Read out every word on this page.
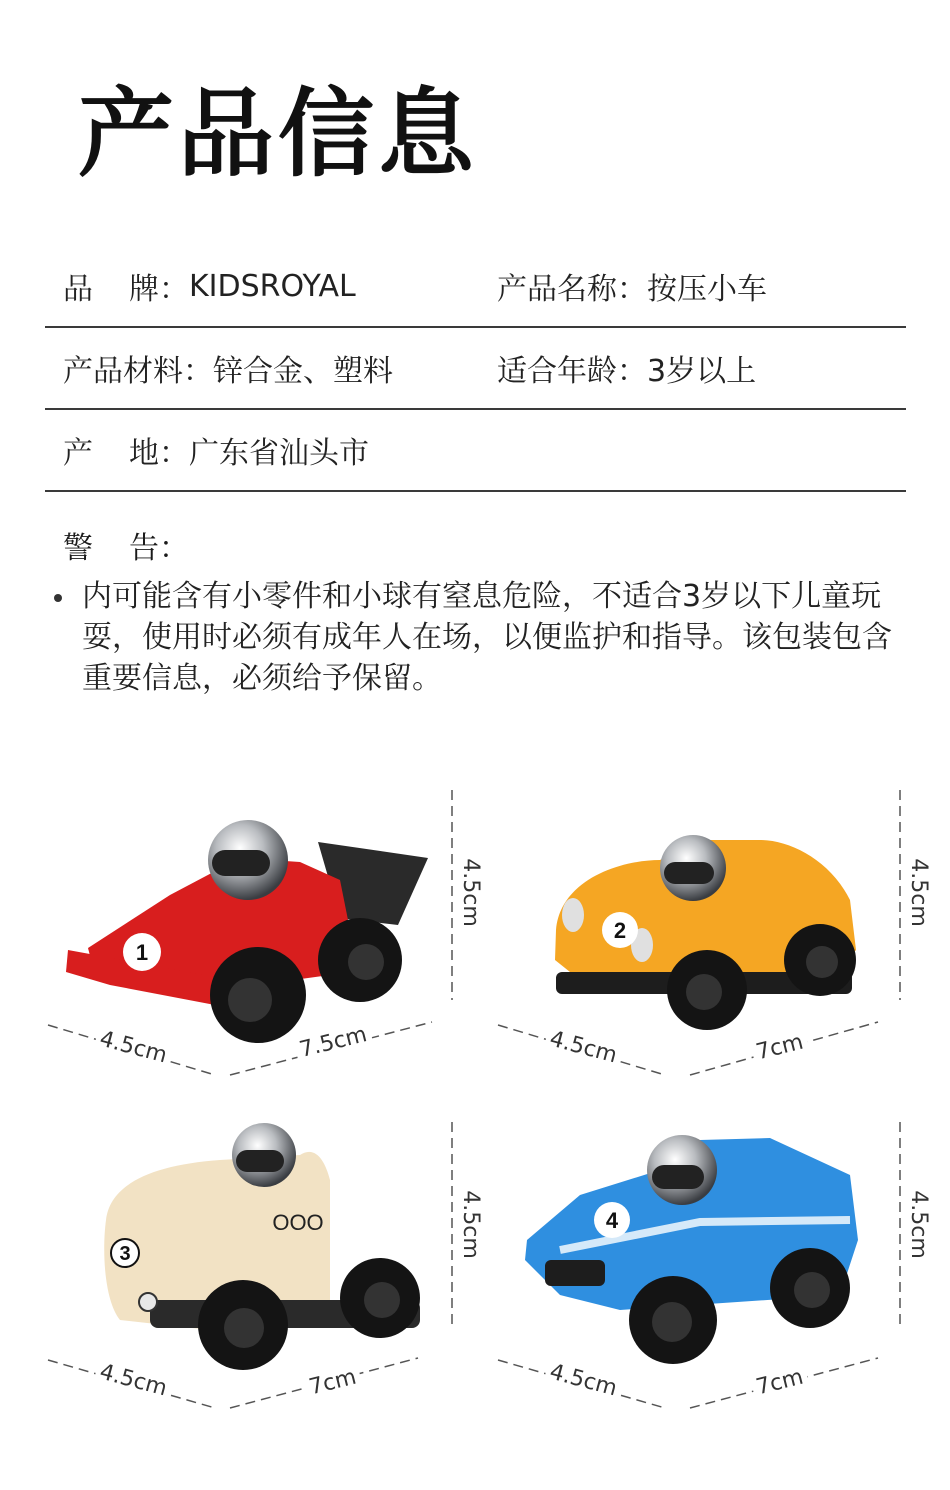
产品信息
品 牌 ： KIDSROYAL	产品名称 ： 按压小车
产品材料 ： 锌合金、塑料	适合年龄 ： 3岁以上
产 地 ： 广东省汕头市
警 告 ：
内可能含有小零件和小球有窒息危险，不适合3岁以下儿童玩耍，使用时必须有成年人在场，以便监护和指导。该包装包含重要信息，必须给予保留。
1
2
3
OOO	4
4.5cm	4.5cm
4.5cm	4.5cm
4.5cm	7.5cm	4.5cm	7cm
4.5cm	7cm	4.5cm	7cm
